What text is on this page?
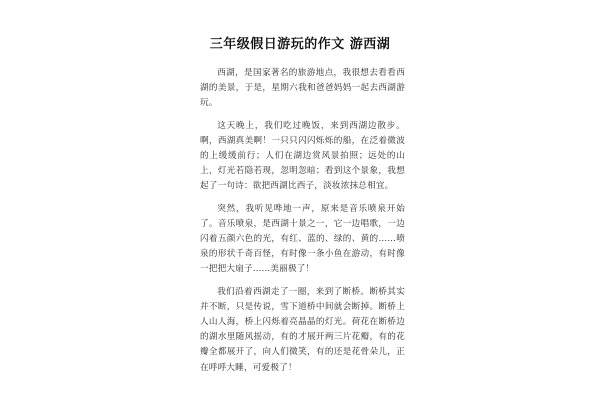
三年级假日游玩的作文 游西湖

西湖，是国家著名的旅游地点，我很想去看看西湖的美景，于是，星期六我和爸爸妈妈一起去西湖游玩。

这天晚上，我们吃过晚饭，来到西湖边散步。啊，西湖真美啊！一只只闪闪烁烁的船，在泛着微波的上缓缓前行；人们在湖边赏风景拍照；远处的山上，灯光若隐若现，忽明忽暗；看到这个景象，我想起了一句诗：欲把西湖比西子，淡妆浓抹总相宜。

突然，我听见哗地一声，原来是音乐喷泉开始了。音乐喷泉，是西湖十景之一，它一边唱歌，一边闪着五颜六色的光，有红、蓝的、绿的、黄的……喷泉的形状千奇百怪，有时像一条小鱼在游动，有时像一把把大扇子……美丽极了！

我们沿着西湖走了一圈，来到了断桥。断桥其实并不断，只是传说，雪下道桥中间就会断掉。断桥上人山人海，桥上闪烁着亮晶晶的灯光。荷花在断桥边的湖水里随风摇动，有的才展开两三片花瓣，有的花瓣全都展开了，向人们微笑，有的还是花骨朵儿，正在呼呼大睡，可爱极了！
